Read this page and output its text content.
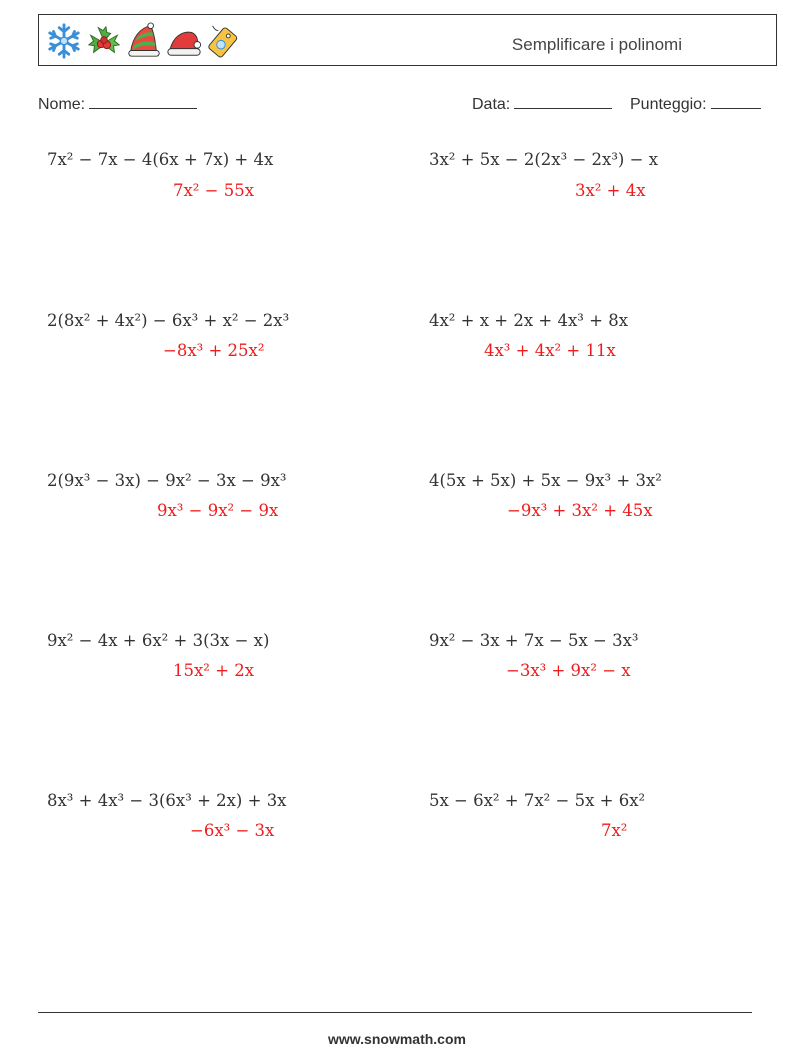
Semplificare i polinomi
Nome:	Data:	Punteggio:
7x² − 7x − 4(6x + 7x) + 4x
7x² − 55x
3x² + 5x − 2(2x³ − 2x³) − x
3x² + 4x
2(8x² + 4x²) − 6x³ + x² − 2x³
−8x³ + 25x²
4x² + x + 2x + 4x³ + 8x
4x³ + 4x² + 11x
2(9x³ − 3x) − 9x² − 3x − 9x³
9x³ − 9x² − 9x
4(5x + 5x) + 5x − 9x³ + 3x²
−9x³ + 3x² + 45x
9x² − 4x + 6x² + 3(3x − x)
15x² + 2x
9x² − 3x + 7x − 5x − 3x³
−3x³ + 9x² − x
8x³ + 4x³ − 3(6x³ + 2x) + 3x
−6x³ − 3x
5x − 6x² + 7x² − 5x + 6x²
7x²
www.snowmath.com
